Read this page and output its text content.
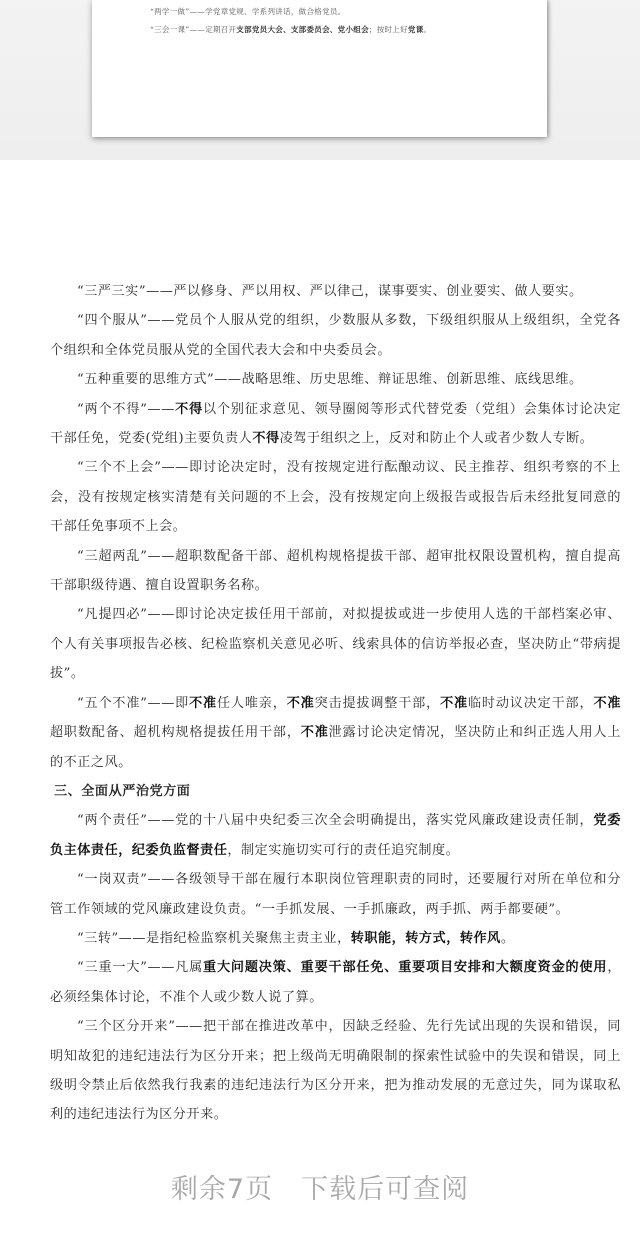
“两学一做”——学党章党规、学系列讲话，做合格党员。
“三会一课”——定期召开支部党员大会、支部委员会、党小组会；按时上好党课。

“三严三实”——严以修身、严以用权、严以律己，谋事要实、创业要实、做人要实。

“四个服从”——党员个人服从党的组织，少数服从多数，下级组织服从上级组织，全党各个组织和全体党员服从党的全国代表大会和中央委员会。

“五种重要的思维方式”——战略思维、历史思维、辩证思维、创新思维、底线思维。

“两个不得”——不得以个别征求意见、领导圈阅等形式代替党委（党组）会集体讨论决定干部任免，党委(党组)主要负责人不得凌驾于组织之上，反对和防止个人或者少数人专断。

“三个不上会”——即讨论决定时，没有按规定进行酝酿动议、民主推荐、组织考察的不上会，没有按规定核实清楚有关问题的不上会，没有按规定向上级报告或报告后未经批复同意的干部任免事项不上会。

“三超两乱”——超职数配备干部、超机构规格提拔干部、超审批权限设置机构，擅自提高干部职级待遇、擅自设置职务名称。

“凡提四必”——即讨论决定拔任用干部前，对拟提拔或进一步使用人选的干部档案必审、个人有关事项报告必核、纪检监察机关意见必听、线索具体的信访举报必查，坚决防止“带病提拔”。

“五个不准”——即不准任人唯亲，不准突击提拔调整干部，不准临时动议决定干部，不准超职数配备、超机构规格提拔任用干部，不准泄露讨论决定情况，坚决防止和纠正选人用人上的不正之风。

三、全面从严治党方面

“两个责任”——党的十八届中央纪委三次全会明确提出，落实党风廉政建设责任制，党委负主体责任，纪委负监督责任，制定实施切实可行的责任追究制度。

“一岗双责”——各级领导干部在履行本职岗位管理职责的同时，还要履行对所在单位和分管工作领域的党风廉政建设负责。“一手抓发展、一手抓廉政，两手抓、两手都要硬”。

“三转”——是指纪检监察机关聚焦主责主业，转职能，转方式，转作风。

“三重一大”——凡属重大问题决策、重要干部任免、重要项目安排和大额度资金的使用，必须经集体讨论，不准个人或少数人说了算。

“三个区分开来”——把干部在推进改革中，因缺乏经验、先行先试出现的失误和错误，同明知故犯的违纪违法行为区分开来；把上级尚无明确限制的探索性试验中的失误和错误，同上级明令禁止后依然我行我素的违纪违法行为区分开来，把为推动发展的无意过失，同为谋取私利的违纪违法行为区分开来。

剩余7页　下载后可查阅
